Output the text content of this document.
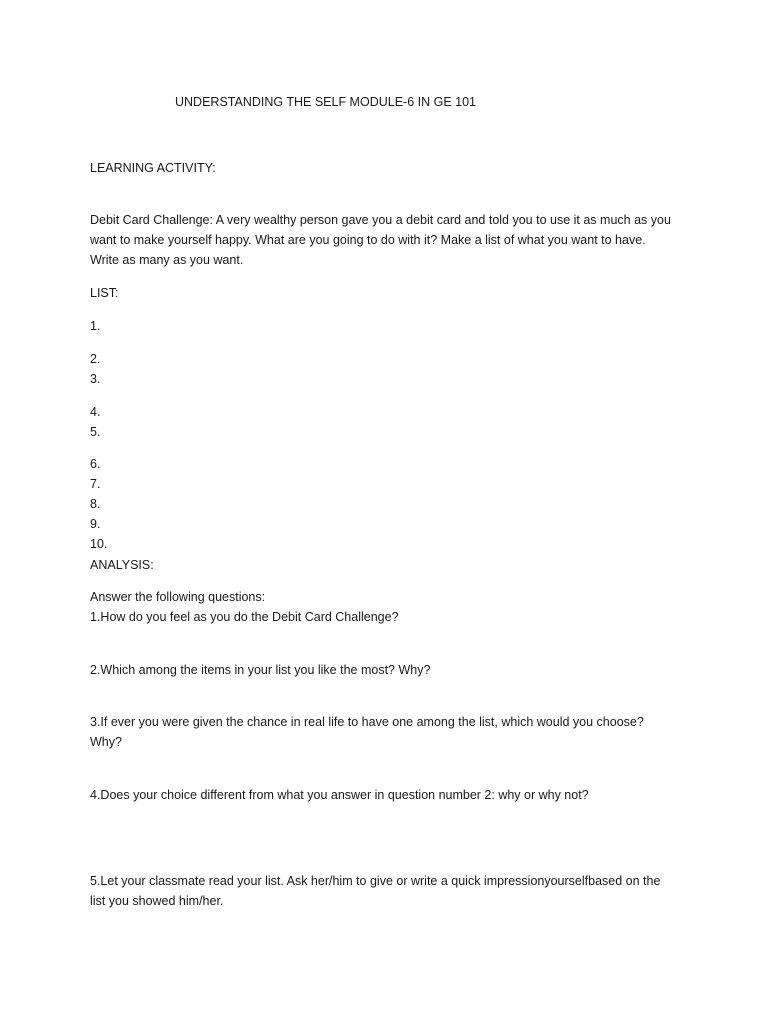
UNDERSTANDING THE SELF MODULE-6 IN GE 101
LEARNING ACTIVITY:
Debit Card Challenge: A very wealthy person gave you a debit card and told you to use it as much as you
want to make yourself happy. What are you going to do with it? Make a list of what you want to have.
Write as many as you want.
LIST:
1.
2.
3.
4.
5.
6.
7.
8.
9.
10.
ANALYSIS:
Answer the following questions:
1.How do you feel as you do the Debit Card Challenge?
2.Which among the items in your list you like the most? Why?
3.If ever you were given the chance in real life to have one among the list, which would you choose?
Why?
4.Does your choice different from what you answer in question number 2: why or why not?
5.Let your classmate read your list. Ask her/him to give or write a quick impressionyourselfbased on the
list you showed him/her.
